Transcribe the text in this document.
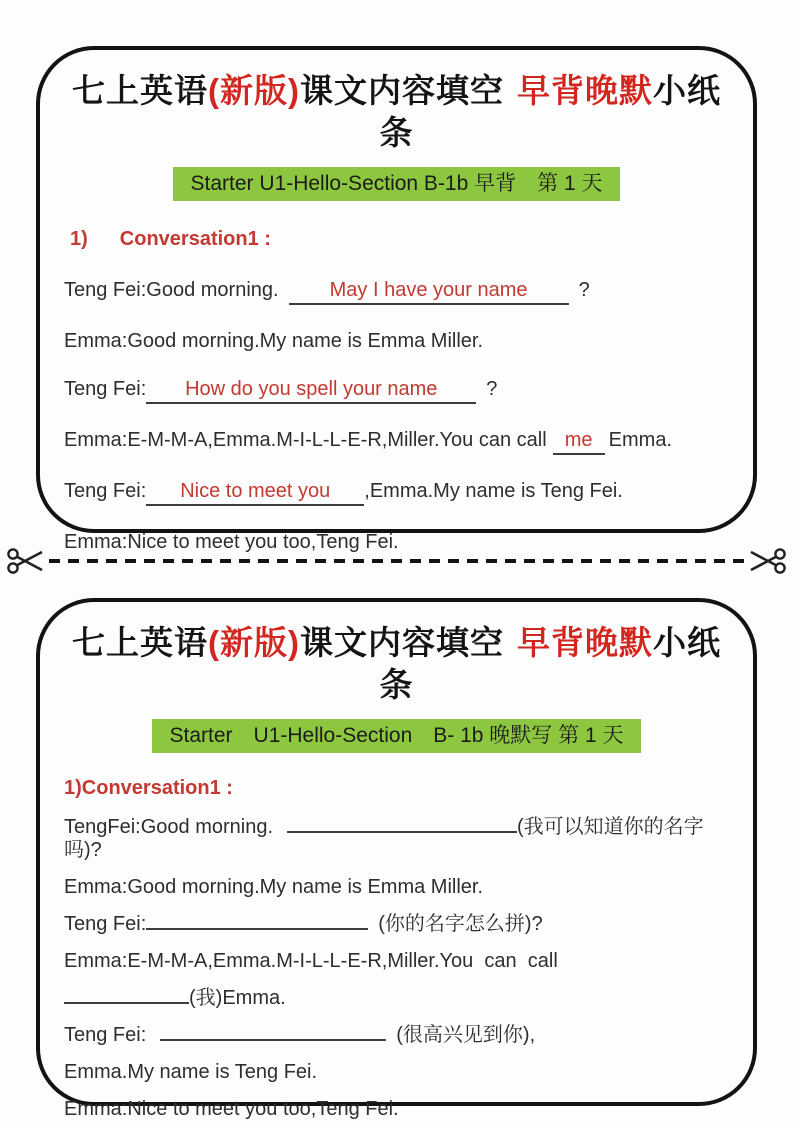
七上英语(新版)课文内容填空 早背晚默小纸条
Starter U1-Hello-Section B-1b 早背　第 1 天
1) Conversation1 :
Teng Fei:Good morning.	May I have your name	?
Emma:Good morning.My name is Emma Miller.
Teng Fei: How do you spell your name ?
Emma:E-M-M-A,Emma.M-I-L-L-E-R,Miller.You can call me Emma.
Teng Fei: Nice to meet you ,Emma.My name is Teng Fei.
Emma:Nice to meet you too,Teng Fei.
七上英语(新版)课文内容填空 早背晚默小纸条
Starter　U1-Hello-Section　B- 1b 晚默写 第 1 天
1)Conversation1 :
TengFei:Good morning.	(我可以知道你的名字吗)?
Emma:Good morning.My name is Emma Miller.
Teng Fei:	(你的名字怎么拼)?
Emma:E-M-M-A,Emma.M-I-L-L-E-R,Miller.You  can  call
(我)Emma.
Teng Fei:	(很高兴见到你),
Emma.My name is Teng Fei.
Emma:Nice to meet you too,Teng Fei.
